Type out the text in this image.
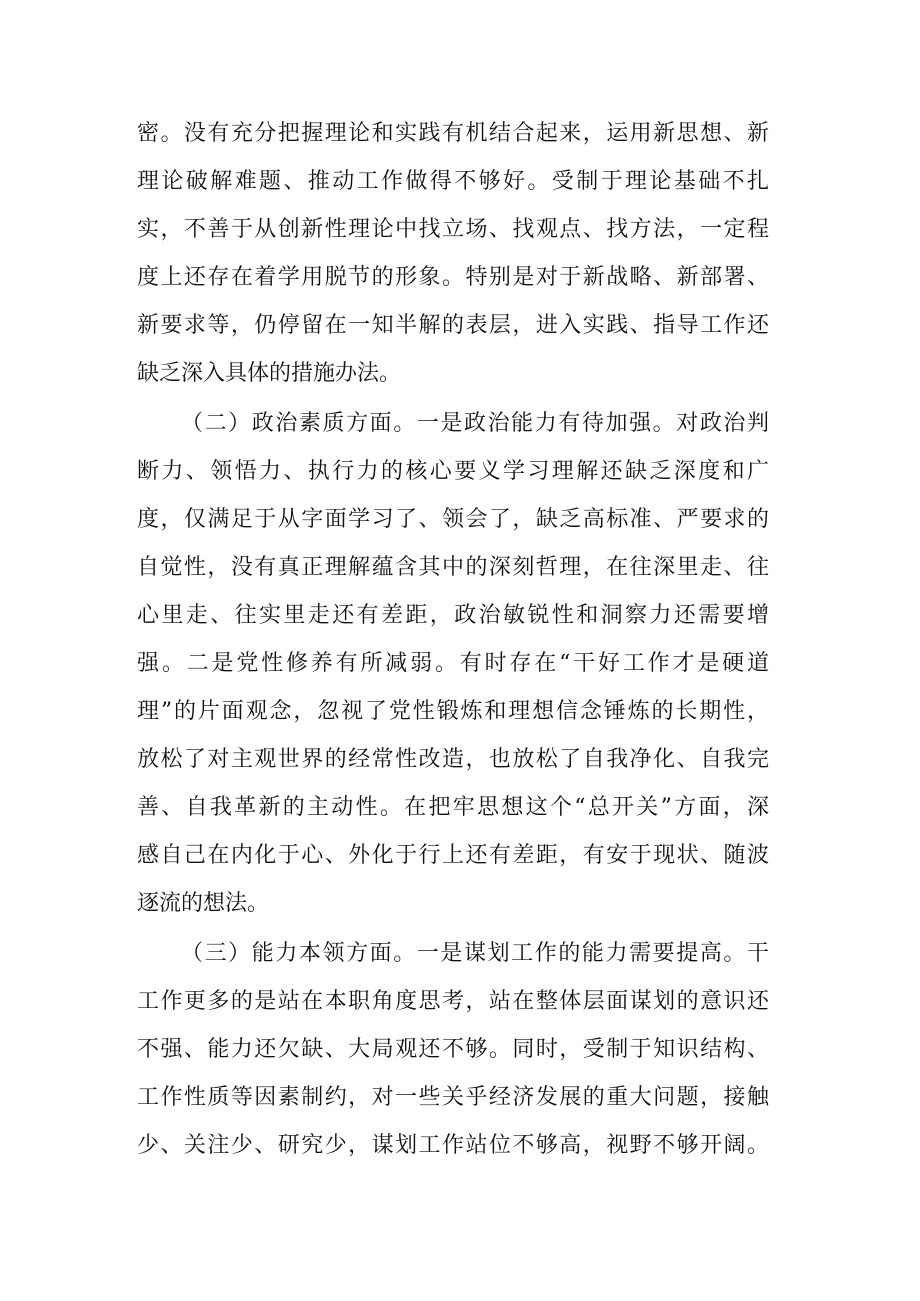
密。没有充分把握理论和实践有机结合起来，运用新思想、新
理论破解难题、推动工作做得不够好。受制于理论基础不扎
实，不善于从创新性理论中找立场、找观点、找方法，一定程
度上还存在着学用脱节的形象。特别是对于新战略、新部署、
新要求等，仍停留在一知半解的表层，进入实践、指导工作还
缺乏深入具体的措施办法。
（二）政治素质方面。一是政治能力有待加强。对政治判
断力、领悟力、执行力的核心要义学习理解还缺乏深度和广
度，仅满足于从字面学习了、领会了，缺乏高标准、严要求的
自觉性，没有真正理解蕴含其中的深刻哲理，在往深里走、往
心里走、往实里走还有差距，政治敏锐性和洞察力还需要增
强。二是党性修养有所减弱。有时存在“干好工作才是硬道
理”的片面观念，忽视了党性锻炼和理想信念锤炼的长期性，
放松了对主观世界的经常性改造，也放松了自我净化、自我完
善、自我革新的主动性。在把牢思想这个“总开关”方面，深
感自己在内化于心、外化于行上还有差距，有安于现状、随波
逐流的想法。
（三）能力本领方面。一是谋划工作的能力需要提高。干
工作更多的是站在本职角度思考，站在整体层面谋划的意识还
不强、能力还欠缺、大局观还不够。同时，受制于知识结构、
工作性质等因素制约，对一些关乎经济发展的重大问题，接触
少、关注少、研究少，谋划工作站位不够高，视野不够开阔。
